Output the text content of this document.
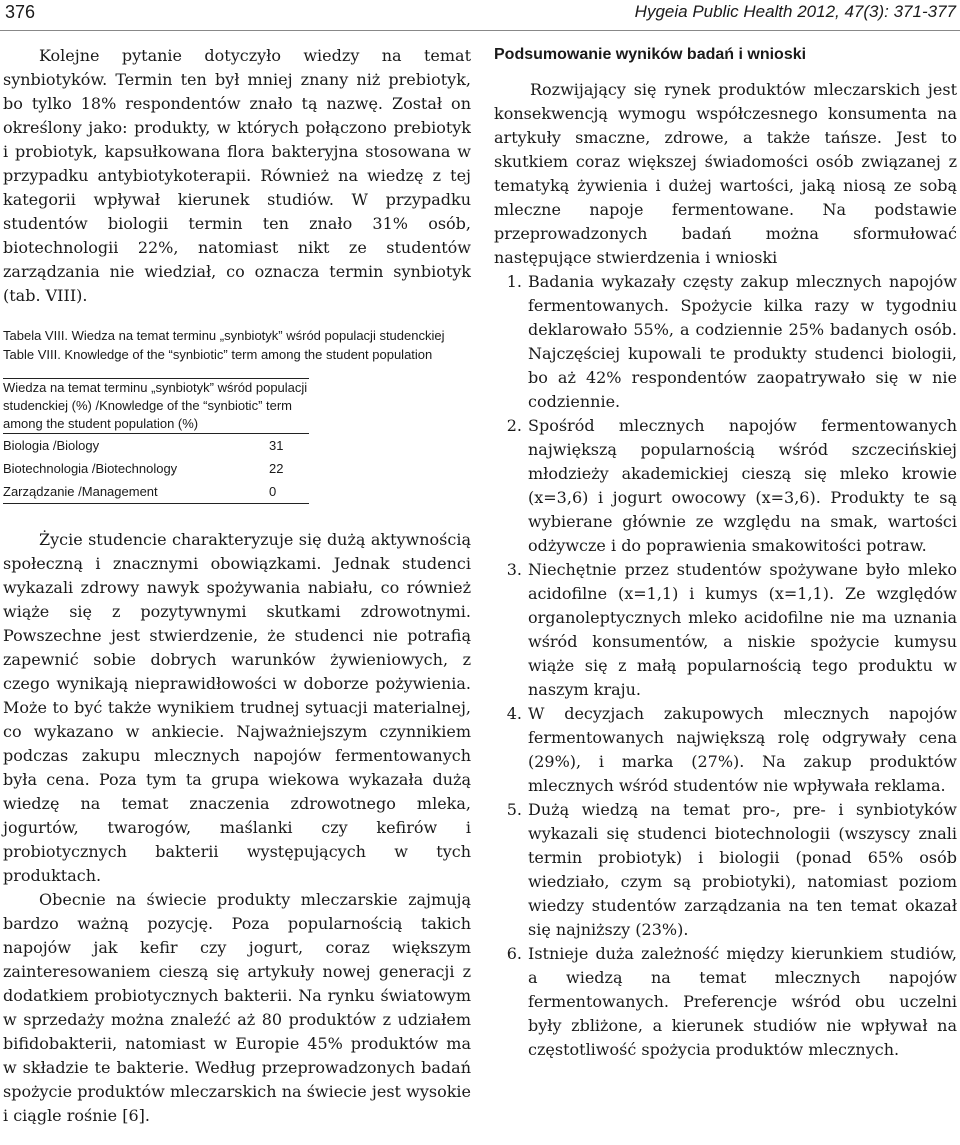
376	Hygeia Public Health 2012, 47(3): 371-377

Kolejne pytanie dotyczyło wiedzy na temat synbiotyków. Termin ten był mniej znany niż prebiotyk, bo tylko 18% respondentów znało tą nazwę. Został on określony jako: produkty, w których połączono prebiotyk i probiotyk, kapsułkowana flora bakteryjna stosowana w przypadku antybiotykoterapii. Również na wiedzę z tej kategorii wpływał kierunek studiów. W przypadku studentów biologii termin ten znało 31% osób, biotechnologii 22%, natomiast nikt ze studentów zarządzania nie wiedział, co oznacza termin synbiotyk (tab. VIII).

Tabela VIII. Wiedza na temat terminu „synbiotyk” wśród populacji studenckiej

Table VIII. Knowledge of the “synbiotic” term among the student population

Wiedza na temat terminu „synbiotyk” wśród populacji studenckiej (%) /Knowledge of the “synbiotic” term among the student population (%)	
Biologia /Biology	31
Biotechnologia /Biotechnology	22
Zarządzanie /Management	0

Życie studencie charakteryzuje się dużą aktywnością społeczną i znacznymi obowiązkami. Jednak studenci wykazali zdrowy nawyk spożywania nabiału, co również wiąże się z pozytywnymi skutkami zdrowotnymi. Powszechne jest stwierdzenie, że studenci nie potrafią zapewnić sobie dobrych warunków żywieniowych, z czego wynikają nieprawidłowości w doborze pożywienia. Może to być także wynikiem trudnej sytuacji materialnej, co wykazano w ankiecie. Najważniejszym czynnikiem podczas zakupu mlecznych napojów fermentowanych była cena. Poza tym ta grupa wiekowa wykazała dużą wiedzę na temat znaczenia zdrowotnego mleka, jogurtów, twarogów, maślanki czy kefirów i probiotycznych bakterii występujących w tych produktach.

Obecnie na świecie produkty mleczarskie zajmują bardzo ważną pozycję. Poza popularnością takich napojów jak kefir czy jogurt, coraz większym zainteresowaniem cieszą się artykuły nowej generacji z dodatkiem probiotycznych bakterii. Na rynku światowym w sprzedaży można znaleźć aż 80 produktów z udziałem bifidobakterii, natomiast w Europie 45% produktów ma w składzie te bakterie. Według przeprowadzonych badań spożycie produktów mleczarskich na świecie jest wysokie i ciągle rośnie [6].

Podsumowanie wyników badań i wnioski

Rozwijający się rynek produktów mleczarskich jest konsekwencją wymogu współczesnego konsumenta na artykuły smaczne, zdrowe, a także tańsze. Jest to skutkiem coraz większej świadomości osób związanej z tematyką żywienia i dużej wartości, jaką niosą ze sobą mleczne napoje fermentowane. Na podstawie przeprowadzonych badań można sformułować następujące stwierdzenia i wnioski

1. Badania wykazały częsty zakup mlecznych napojów fermentowanych. Spożycie kilka razy w tygodniu deklarowało 55%, a codziennie 25% badanych osób. Najczęściej kupowali te produkty studenci biologii, bo aż 42% respondentów zaopatrywało się w nie codziennie.
2. Spośród mlecznych napojów fermentowanych największą popularnością wśród szczecińskiej młodzieży akademickiej cieszą się mleko krowie (x=3,6) i jogurt owocowy (x=3,6). Produkty te są wybierane głównie ze względu na smak, wartości odżywcze i do poprawienia smakowitości potraw.
3. Niechętnie przez studentów spożywane było mleko acidofilne (x=1,1) i kumys (x=1,1). Ze względów organoleptycznych mleko acidofilne nie ma uznania wśród konsumentów, a niskie spożycie kumysu wiąże się z małą popularnością tego produktu w naszym kraju.
4. W decyzjach zakupowych mlecznych napojów fermentowanych największą rolę odgrywały cena (29%), i marka (27%). Na zakup produktów mlecznych wśród studentów nie wpływała reklama.
5. Dużą wiedzą na temat pro-, pre- i synbiotyków wykazali się studenci biotechnologii (wszyscy znali termin probiotyk) i biologii (ponad 65% osób wiedziało, czym są probiotyki), natomiast poziom wiedzy studentów zarządzania na ten temat okazał się najniższy (23%).
6. Istnieje duża zależność między kierunkiem studiów, a wiedzą na temat mlecznych napojów fermentowanych. Preferencje wśród obu uczelni były zbliżone, a kierunek studiów nie wpływał na częstotliwość spożycia produktów mlecznych.
